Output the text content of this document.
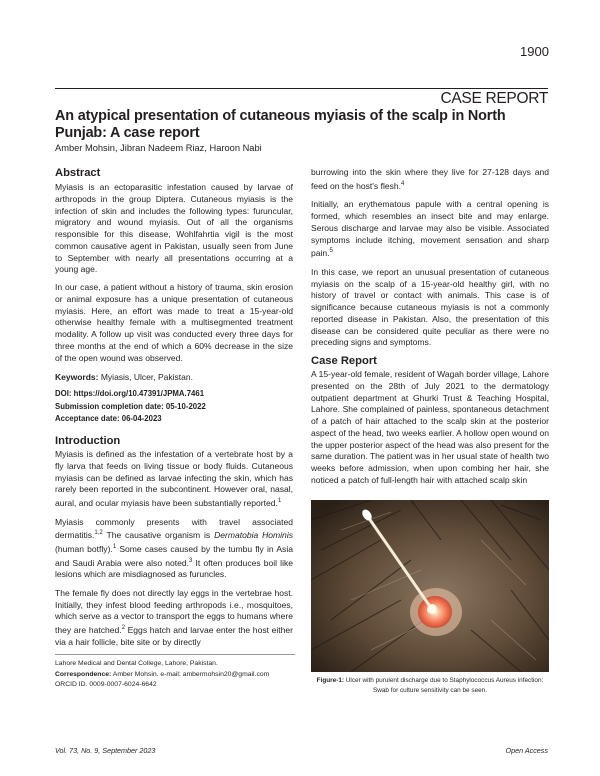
1900
CASE REPORT
An atypical presentation of cutaneous myiasis of the scalp in North Punjab: A case report
Amber Mohsin, Jibran Nadeem Riaz, Haroon Nabi
Abstract

Myiasis is an ectoparasitic infestation caused by larvae of arthropods in the group Diptera. Cutaneous myiasis is the infection of skin and includes the following types: furuncular, migratory and wound myiasis. Out of all the organisms responsible for this disease, Wohlfahrtia vigil is the most common causative agent in Pakistan, usually seen from June to September with nearly all presentations occurring at a young age.

In our case, a patient without a history of trauma, skin erosion or animal exposure has a unique presentation of cutaneous myiasis. Here, an effort was made to treat a 15-year-old otherwise healthy female with a multisegmented treatment modality. A follow up visit was conducted every three days for three months at the end of which a 60% decrease in the size of the open wound was observed.

Keywords: Myiasis, Ulcer, Pakistan.

DOI: https://doi.org/10.47391/JPMA.7461
Submission completion date: 05-10-2022
Acceptance date: 06-04-2023
Introduction

Myiasis is defined as the infestation of a vertebrate host by a fly larva that feeds on living tissue or body fluids. Cutaneous myiasis can be defined as larvae infecting the skin, which has rarely been reported in the subcontinent. However oral, nasal, aural, and ocular myiasis have been substantially reported.$^1$

Myiasis commonly presents with travel associated dermatitis.$^{1,2}$ The causative organism is Dermatobia Hominis (human botfly).$^1$ Some cases caused by the tumbu fly in Asia and Saudi Arabia were also noted.$^3$ It often produces boil like lesions which are misdiagnosed as furuncles.

The female fly does not directly lay eggs in the vertebrae host. Initially, they infest blood feeding arthropods i.e., mosquitoes, which serve as a vector to transport the eggs to humans where they are hatched.$^2$ Eggs hatch and larvae enter the host either via a hair follicle, bite site or by directly

Lahore Medical and Dental College, Lahore, Pakistan.
Correspondence: Amber Mohsin. e-mail: ambermohsin20@gmail.com
ORCID ID. 0009-0007-6024-6642

burrowing into the skin where they live for 27-128 days and feed on the host's flesh.$^4$

Initially, an erythematous papule with a central opening is formed, which resembles an insect bite and may enlarge. Serous discharge and larvae may also be visible. Associated symptoms include itching, movement sensation and sharp pain.$^5$

In this case, we report an unusual presentation of cutaneous myiasis on the scalp of a 15-year-old healthy girl, with no history of travel or contact with animals. This case is of significance because cutaneous myiasis is not a commonly reported disease in Pakistan. Also, the presentation of this disease can be considered quite peculiar as there were no preceding signs and symptoms.

Case Report

A 15-year-old female, resident of Wagah border village, Lahore presented on the 28th of July 2021 to the dermatology outpatient department at Ghurki Trust & Teaching Hospital, Lahore. She complained of painless, spontaneous detachment of a patch of hair attached to the scalp skin at the posterior aspect of the head, two weeks earlier. A hollow open wound on the upper posterior aspect of the head was also present for the same duration. The patient was in her usual state of health two weeks before admission, when upon combing her hair, she noticed a patch of full-length hair with attached scalp skin

Figure-1: Ulcer with purulent discharge due to Staphylococcus Aureus infection: Swab for culture sensitivity can be seen.
Vol. 73, No. 9, September 2023	Open Access
